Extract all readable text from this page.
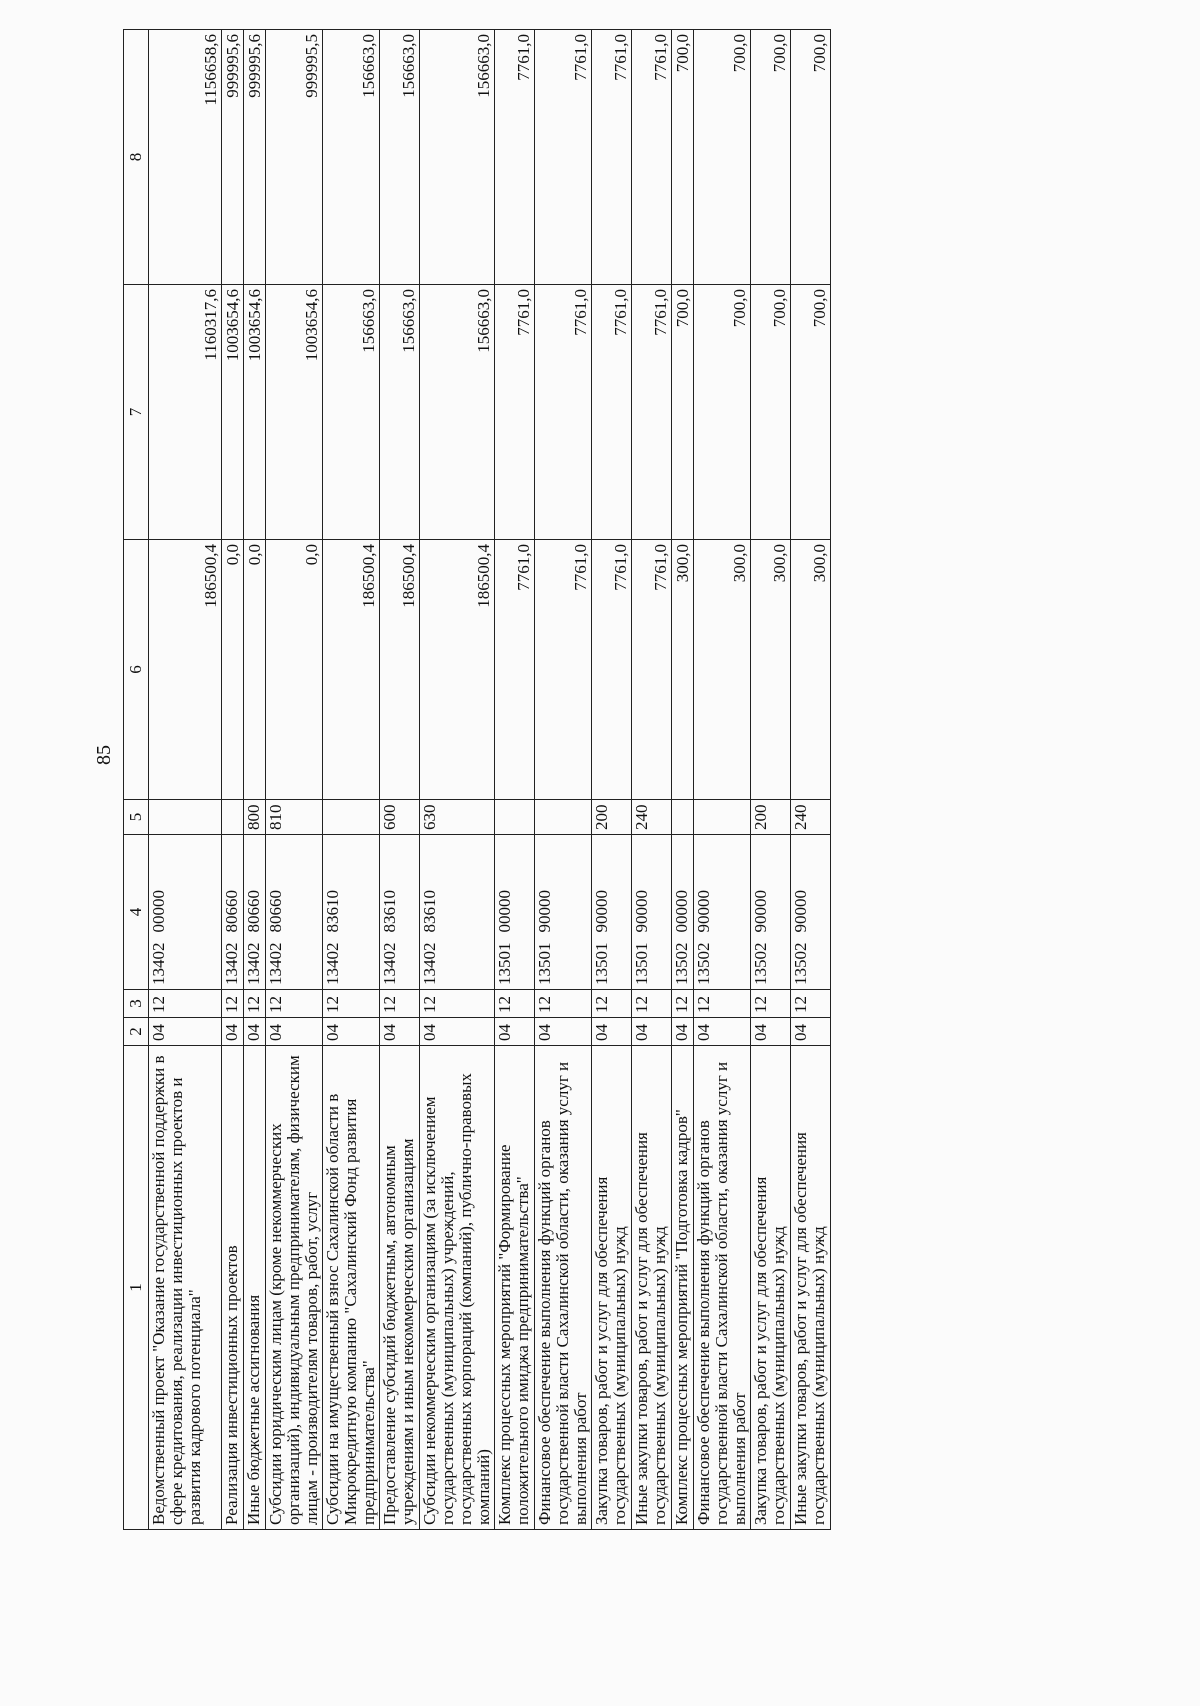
85
1	2	3	4	5	6	7	8
Ведомственный проект "Оказание государственной поддержки в сфере кредитования, реализации инвестиционных проектов и развития кадрового потенциала"	04	12	1340200000		186500,4	1160317,6	1156658,6
Реализация инвестиционных проектов	04	12	1340280660		0,0	1003654,6	999995,6
Иные бюджетные ассигнования	04	12	1340280660	800	0,0	1003654,6	999995,6
Субсидии юридическим лицам (кроме некоммерческих организаций), индивидуальным предпринимателям, физическим лицам - производителям товаров, работ, услуг	04	12	1340280660	810	0,0	1003654,6	999995,5
Субсидии на имущественный взнос Сахалинской области в Микрокредитную компанию "Сахалинский Фонд развития предпринимательства"	04	12	1340283610		186500,4	156663,0	156663,0
Предоставление субсидий бюджетным, автономным учреждениям и иным некоммерческим организациям	04	12	1340283610	600	186500,4	156663,0	156663,0
Субсидии некоммерческим организациям (за исключением государственных (муниципальных) учреждений, государственных корпораций (компаний), публично-правовых компаний)	04	12	1340283610	630	186500,4	156663,0	156663,0
Комплекс процессных мероприятий "Формирование положительного имиджа предпринимательства"	04	12	1350100000		7761,0	7761,0	7761,0
Финансовое обеспечение выполнения функций органов государственной власти Сахалинской области, оказания услуг и выполнения работ	04	12	1350190000		7761,0	7761,0	7761,0
Закупка товаров, работ и услуг для обеспечения государственных (муниципальных) нужд	04	12	1350190000	200	7761,0	7761,0	7761,0
Иные закупки товаров, работ и услуг для обеспечения государственных (муниципальных) нужд	04	12	1350190000	240	7761,0	7761,0	7761,0
Комплекс процессных мероприятий "Подготовка кадров"	04	12	1350200000		300,0	700,0	700,0
Финансовое обеспечение выполнения функций органов государственной власти Сахалинской области, оказания услуг и выполнения работ	04	12	1350290000		300,0	700,0	700,0
Закупка товаров, работ и услуг для обеспечения государственных (муниципальных) нужд	04	12	1350290000	200	300,0	700,0	700,0
Иные закупки товаров, работ и услуг для обеспечения государственных (муниципальных) нужд	04	12	1350290000	240	300,0	700,0	700,0
